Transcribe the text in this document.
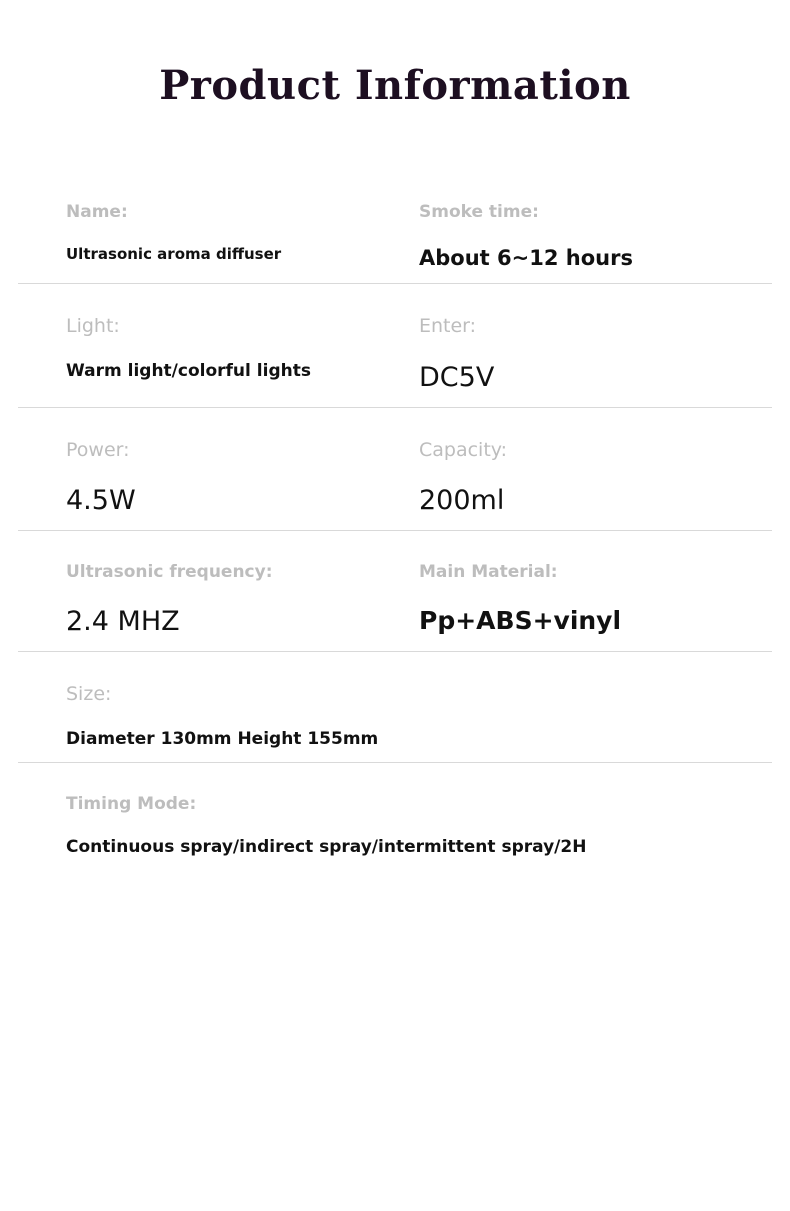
Product Information
Name:
Ultrasonic aroma diffuser
Smoke time:
About 6~12 hours
Light:
Warm light/colorful lights
Enter:
DC5V
Power:
4.5W
Capacity:
200ml
Ultrasonic frequency:
2.4 MHZ
Main Material:
Pp+ABS+vinyl
Size:
Diameter 130mm Height 155mm
Timing Mode:
Continuous spray/indirect spray/intermittent spray/2H
